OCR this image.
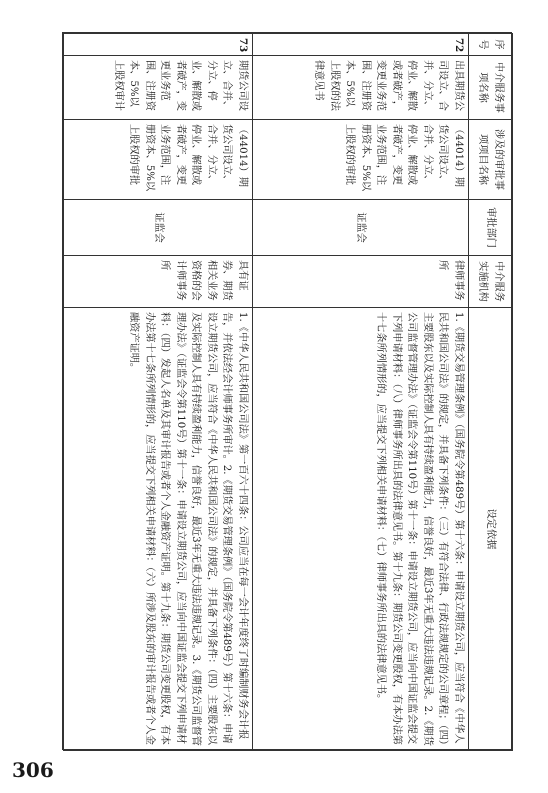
序号	中介服务事项名称	涉及的审批事项项目名称	审批部门	中介服务实施机构	设定依据
72	出具期货公司设立、合并、分立、停业、解散或者破产，变更业务范围、注册资本、5%以上股权的法律意见书	（44014）期货公司设立、合并、分立、停业、解散或者破产，变更业务范围，注册资本、5%以上股权的审批	证监会	律师事务所	1.《期货交易管理条例》（国务院令第489号）第十六条：申请设立期货公司，应当符合《中华人民共和国公司法》的规定，并具备下列条件：（三）有符合法律、行政法规规定的公司章程；（四）主要股东以及实际控制人具有持续盈利能力，信誉良好，最近3年无重大违法违规记录。2.《期货公司监督管理办法》（证监会令第110号）第十一条：申请设立期货公司，应当向中国证监会提交下列申请材料：（八）律师事务所出具的法律意见书。第十九条：期货公司变更股权，有本办法第十七条所列情形的，应当提交下列相关申请材料：（七）律师事务所出具的法律意见书。
73	期货公司设立、合并、分立、停业、解散或者破产，变更业务范围、注册资本、5%以上股权审计	（44014）期货公司设立、合并、分立、停业、解散或者破产，变更业务范围，注册资本、5%以上股权的审批	证监会	具有证券、期货相关业务资格的会计师事务所	1.《中华人民共和国公司法》第一百六十四条：公司应当在每一会计年度终了时编制财务会计报告，并依法经会计师事务所审计。2.《期货交易管理条例》（国务院令第489号）第十六条：申请设立期货公司，应当符合《中华人民共和国公司法》的规定，并具备下列条件：（四）主要股东以及实际控制人具有持续盈利能力，信誉良好，最近3年无重大违法违规记录。3.《期货公司监督管理办法》（证监会令第110号）第十一条：申请设立期货公司，应当向中国证监会提交下列申请材料：（四）发起人名单及其审计报告或者个人金融资产证明。第十九条：期货公司变更股权，有本办法第十七条所列情形的，应当提交下列相关申请材料：（六）所涉及股东的审计报告或者个人金融资产证明。
306
